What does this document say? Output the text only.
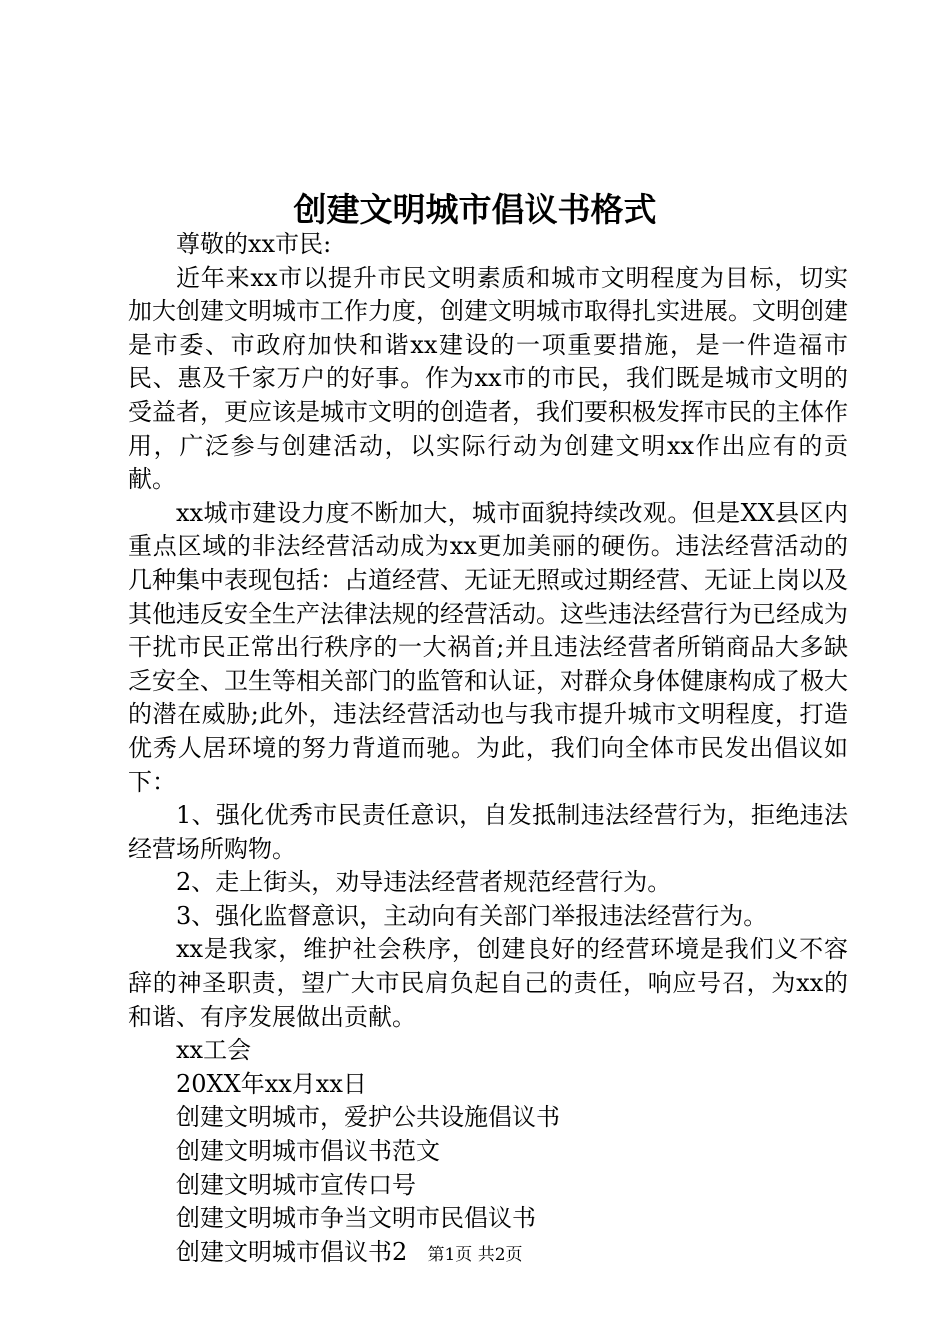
创建文明城市倡议书格式

尊敬的xx市民:

近年来xx市以提升市民文明素质和城市文明程度为目标，切实加大创建文明城市工作力度，创建文明城市取得扎实进展。文明创建是市委、市政府加快和谐xx建设的一项重要措施，是一件造福市民、惠及千家万户的好事。作为xx市的市民，我们既是城市文明的受益者，更应该是城市文明的创造者，我们要积极发挥市民的主体作用，广泛参与创建活动，以实际行动为创建文明xx作出应有的贡献。

xx城市建设力度不断加大，城市面貌持续改观。但是XX县区内重点区域的非法经营活动成为xx更加美丽的硬伤。违法经营活动的几种集中表现包括：占道经营、无证无照或过期经营、无证上岗以及其他违反安全生产法律法规的经营活动。这些违法经营行为已经成为干扰市民正常出行秩序的一大祸首;并且违法经营者所销商品大多缺乏安全、卫生等相关部门的监管和认证，对群众身体健康构成了极大的潜在威胁;此外，违法经营活动也与我市提升城市文明程度，打造优秀人居环境的努力背道而驰。为此，我们向全体市民发出倡议如下：

1、强化优秀市民责任意识，自发抵制违法经营行为，拒绝违法经营场所购物。

2、走上街头，劝导违法经营者规范经营行为。

3、强化监督意识，主动向有关部门举报违法经营行为。

xx是我家，维护社会秩序，创建良好的经营环境是我们义不容辞的神圣职责，望广大市民肩负起自己的责任，响应号召，为xx的和谐、有序发展做出贡献。

xx工会

20XX年xx月xx日

创建文明城市，爱护公共设施倡议书

创建文明城市倡议书范文

创建文明城市宣传口号

创建文明城市争当文明市民倡议书

创建文明城市倡议书2	第1页 共2页
